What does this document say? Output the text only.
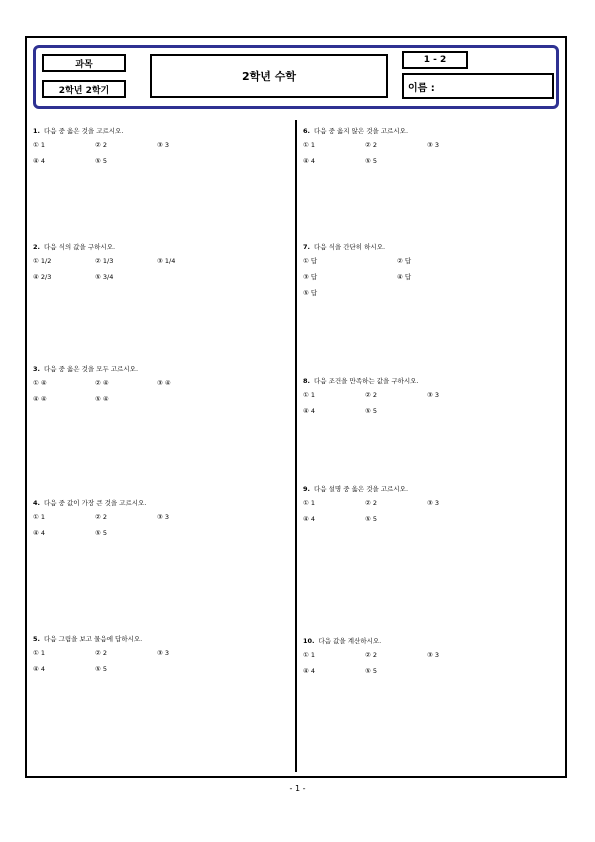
과목
2학년 2학기
2학년 수학
1 - 2
이름 :
1. 다음 중 옳은 것을 고르시오.
① 1	② 2	③ 3
④ 4	⑤ 5
2. 다음 식의 값을 구하시오.
① 1/2	② 1/3	③ 1/4
④ 2/3	⑤ 3/4
3. 다음 중 옳은 것을 모두 고르시오.
① ④	② ④	③ ④
④ ④	⑤ ④
4. 다음 중 값이 가장 큰 것을 고르시오.
① 1	② 2	③ 3
④ 4	⑤ 5
5. 다음 그림을 보고 물음에 답하시오.
① 1	② 2	③ 3
④ 4	⑤ 5
6. 다음 중 옳지 않은 것을 고르시오.
① 1	② 2	③ 3
④ 4	⑤ 5
7. 다음 식을 간단히 하시오.
① 답	② 답
③ 답	④ 답
⑤ 답
8. 다음 조건을 만족하는 값을 구하시오.
① 1	② 2	③ 3
④ 4	⑤ 5
9. 다음 설명 중 옳은 것을 고르시오.
① 1	② 2	③ 3
④ 4	⑤ 5
10. 다음 값을 계산하시오.
① 1	② 2	③ 3
④ 4	⑤ 5
- 1 -
